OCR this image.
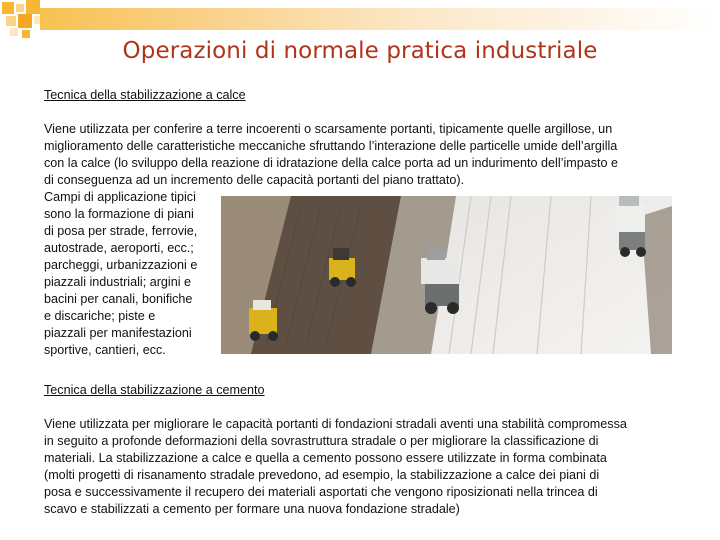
Operazioni di normale pratica industriale
Tecnica della stabilizzazione a calce
Viene utilizzata per conferire a terre incoerenti o scarsamente portanti, tipicamente quelle argillose, un
miglioramento delle caratteristiche meccaniche sfruttando l’interazione delle particelle umide dell’argilla
con la calce (lo sviluppo della reazione di idratazione della calce porta ad un indurimento dell’impasto e
di conseguenza ad un incremento delle capacità portanti del piano trattato).
Campi di applicazione tipici
sono la formazione di piani
di posa per strade, ferrovie,
autostrade, aeroporti, ecc.;
parcheggi, urbanizzazioni e
piazzali industriali; argini e
bacini per canali, bonifiche
e discariche; piste e
piazzali per manifestazioni
sportive, cantieri, ecc.
Tecnica della stabilizzazione a cemento
Viene utilizzata per migliorare le capacità portanti di fondazioni stradali aventi una stabilità compromessa
in seguito a profonde deformazioni della sovrastruttura stradale o per migliorare la classificazione di
materiali. La stabilizzazione a calce e quella a cemento possono essere utilizzate in forma combinata
(molti progetti di risanamento stradale prevedono, ad esempio, la stabilizzazione a calce dei piani di
posa e successivamente il recupero dei materiali asportati che vengono riposizionati nella trincea di
scavo e stabilizzati a cemento per formare una nuova fondazione stradale)
